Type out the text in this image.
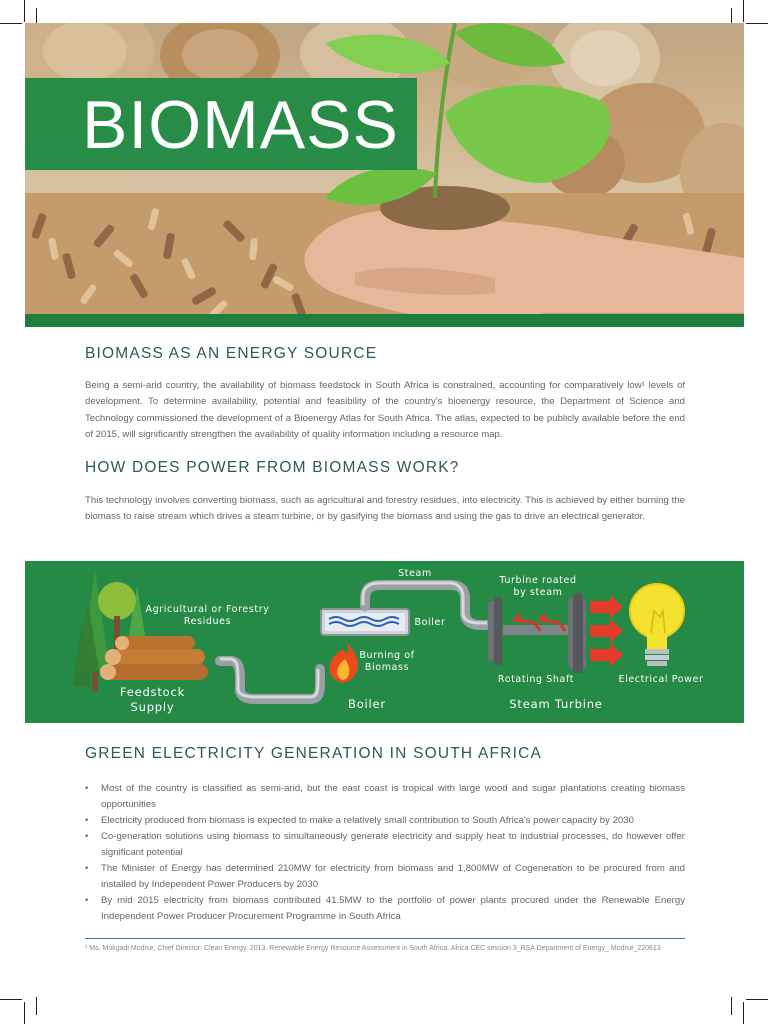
BIOMASS
BIOMASS AS AN ENERGY SOURCE

Being a semi-arid country, the availability of biomass feedstock in South Africa is constrained, accounting for comparatively low¹ levels of development. To determine availability, potential and feasibility of the country's bioenergy resource, the Department of Science and Technology commissioned the development of a Bioenergy Atlas for South Africa. The atlas, expected to be publicly available before the end of 2015, will significantly strengthen the availability of quality information including a resource map.

HOW DOES POWER FROM BIOMASS WORK?

This technology involves converting biomass, such as agricultural and forestry residues, into electricity. This is achieved by either burning the biomass to raise stream which drives a steam turbine, or by gasifying the biomass and using the gas to drive an electrical generator.

Agricultural or Forestry Residues
Feedstock Supply
Steam
Boiler
Burning of Biomass
Boiler
Turbine roated by steam
Rotating Shaft	Electrical Power
Steam Turbine
GREEN ELECTRICITY GENERATION IN SOUTH AFRICA
• Most of the country is classified as semi-arid, but the east coast is tropical with large wood and sugar plantations creating biomass opportunities
• Electricity produced from biomass is expected to make a relatively small contribution to South Africa's power capacity by 2030
• Co-generation solutions using biomass to simultaneously generate electricity and supply heat to industrial processes, do however offer significant potential
• The Minister of Energy has determined 210MW for electricity from biomass and 1,800MW of Cogeneration to be procured from and installed by Independent Power Producers by 2030
• By mid 2015 electricity from biomass contributed 41.5MW to the portfolio of power plants procured under the Renewable Energy Independent Power Producer Procurement Programme in South Africa
¹ Ms. Mokgadi Modise, Chief Director: Clean Energy. 2013. Renewable Energy Resource Assessment in South Africa. Africa CEC session 3_RSA Department of Energy_ Modise_220613
